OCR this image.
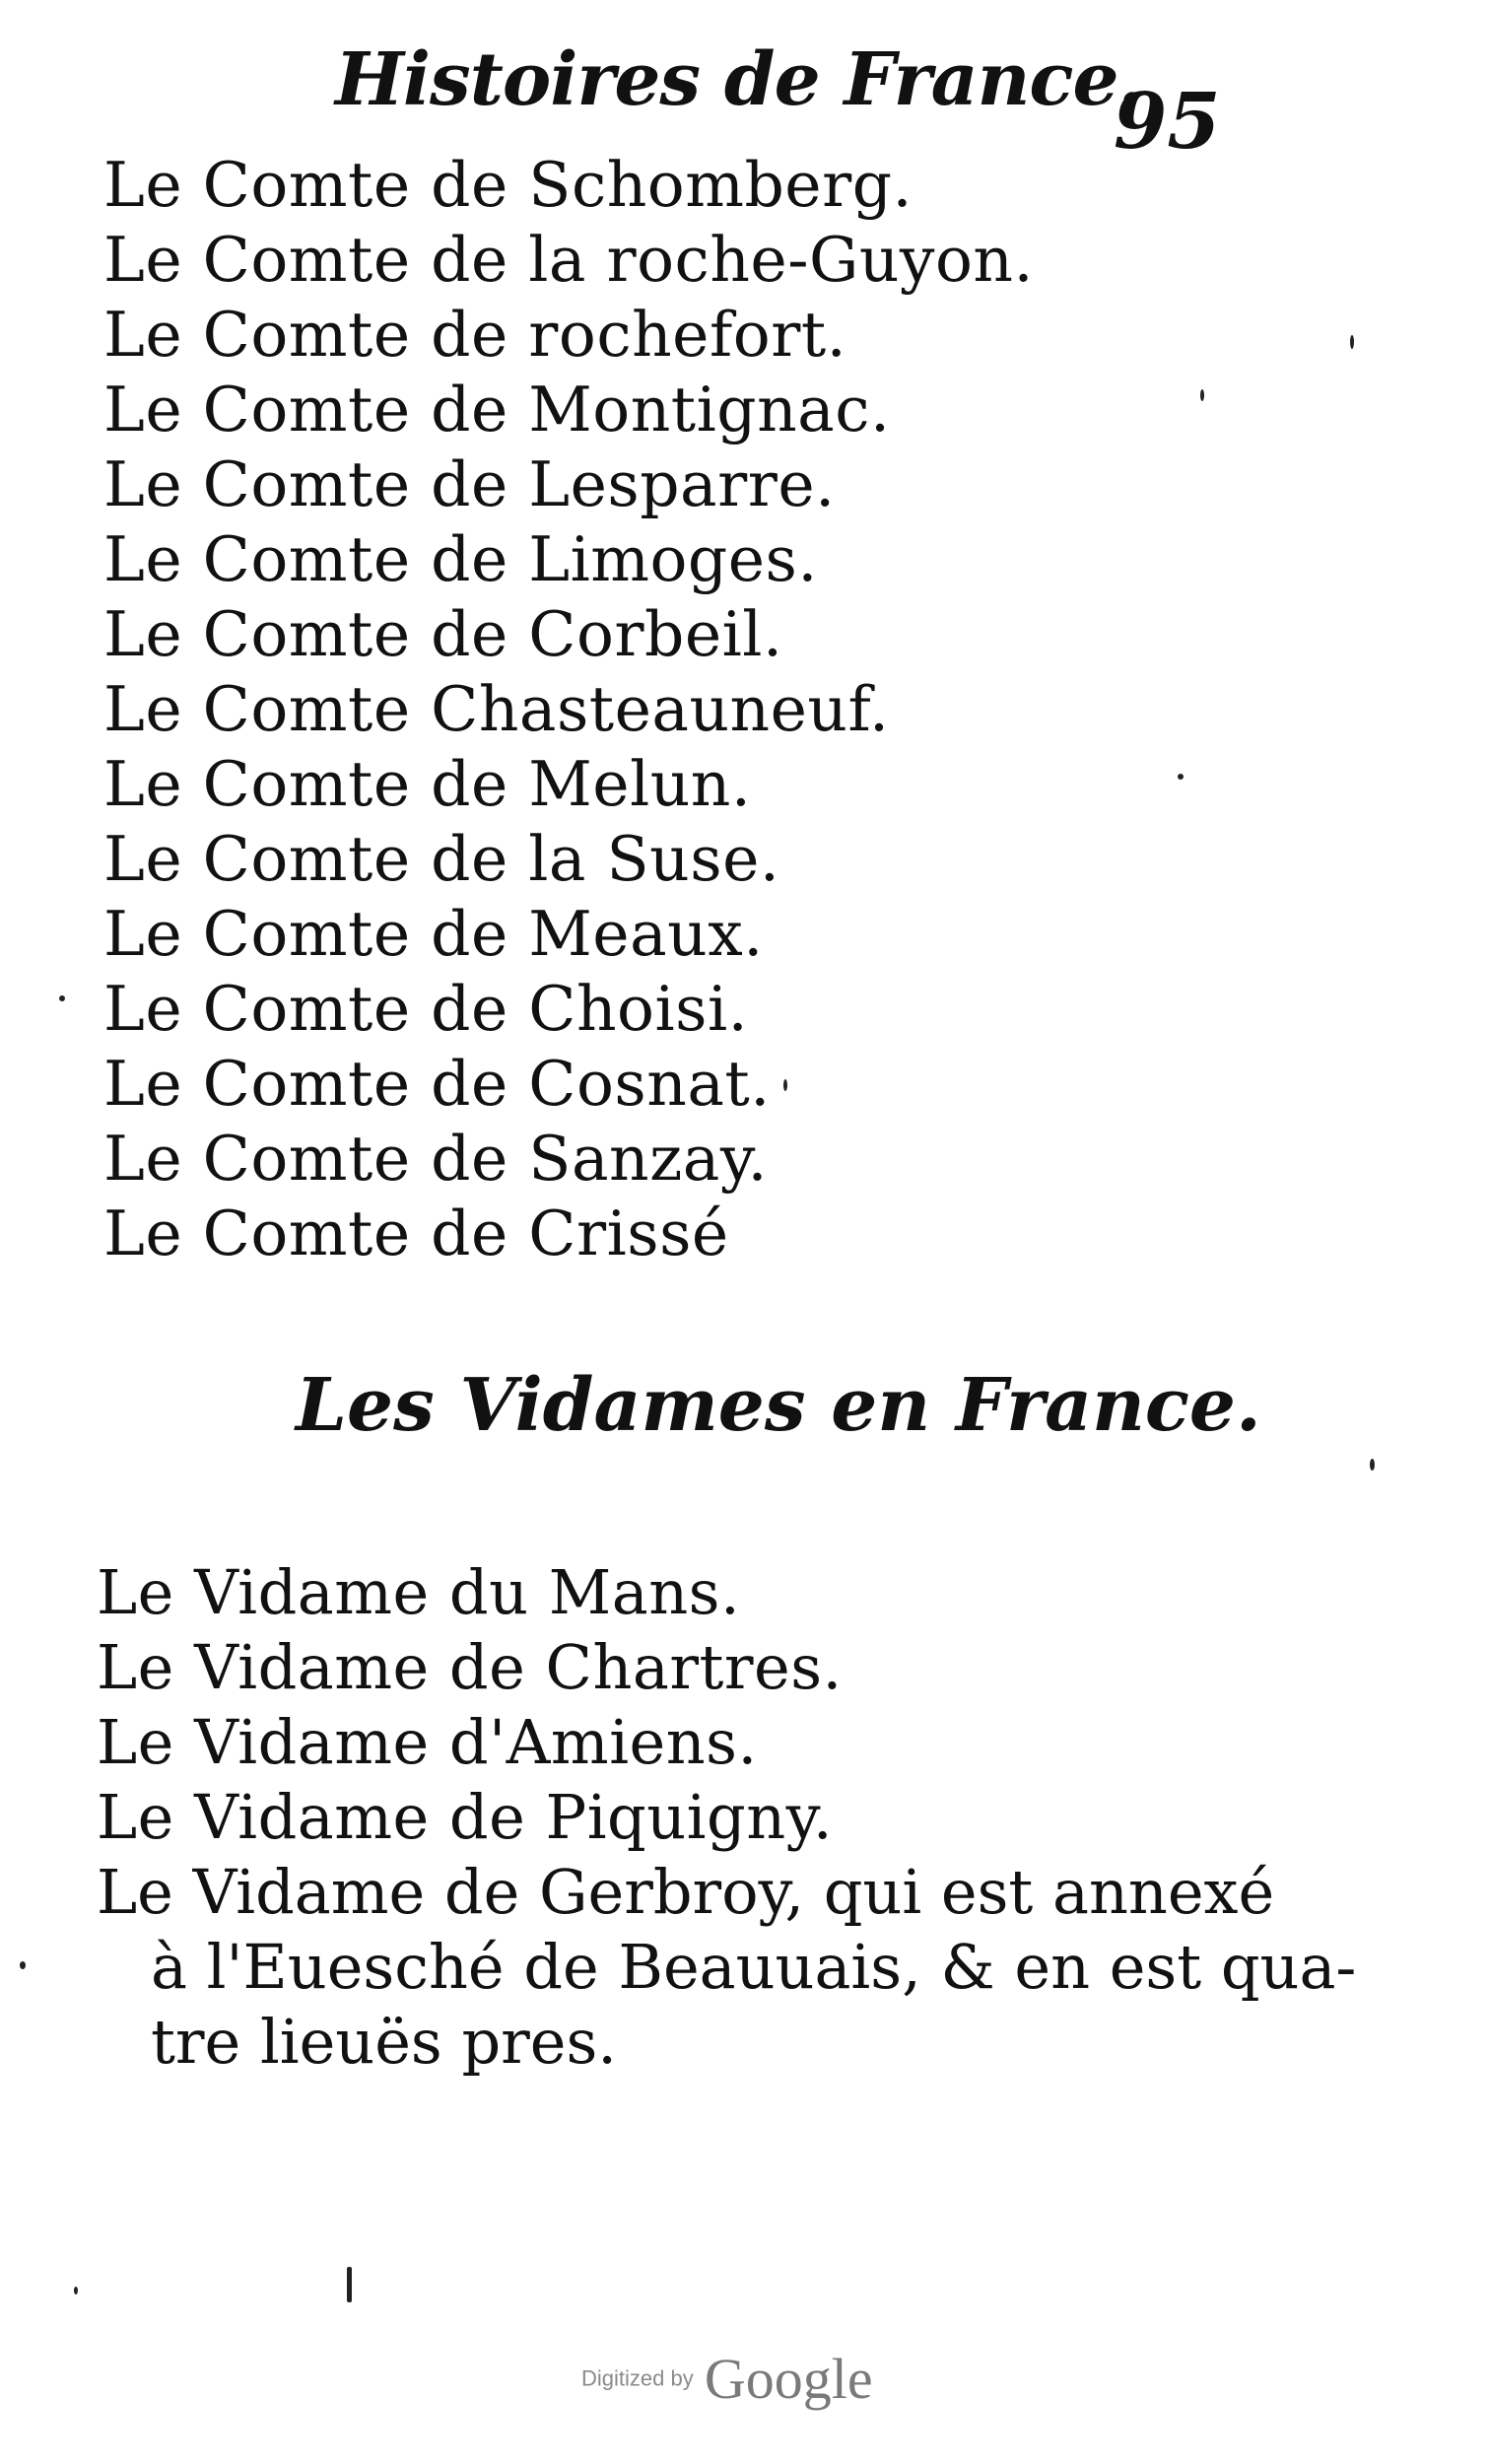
Histoires de France.
95
Le Comte de Schomberg.
Le Comte de la roche-Guyon.
Le Comte de rochefort.
Le Comte de Montignac.
Le Comte de Lesparre.
Le Comte de Limoges.
Le Comte de Corbeil.
Le Comte Chasteauneuf.
Le Comte de Melun.
Le Comte de la Suse.
Le Comte de Meaux.
Le Comte de Choisi.
Le Comte de Cosnat.
Le Comte de Sanzay.
Le Comte de Crissé
Les Vidames en France.
Le Vidame du Mans.
Le Vidame de Chartres.
Le Vidame d'Amiens.
Le Vidame de Piquigny.
Le Vidame de Gerbroy, qui est annexé
à l'Euesché de Beauuais, & en est qua-
tre lieuës pres.
Digitized by Google
